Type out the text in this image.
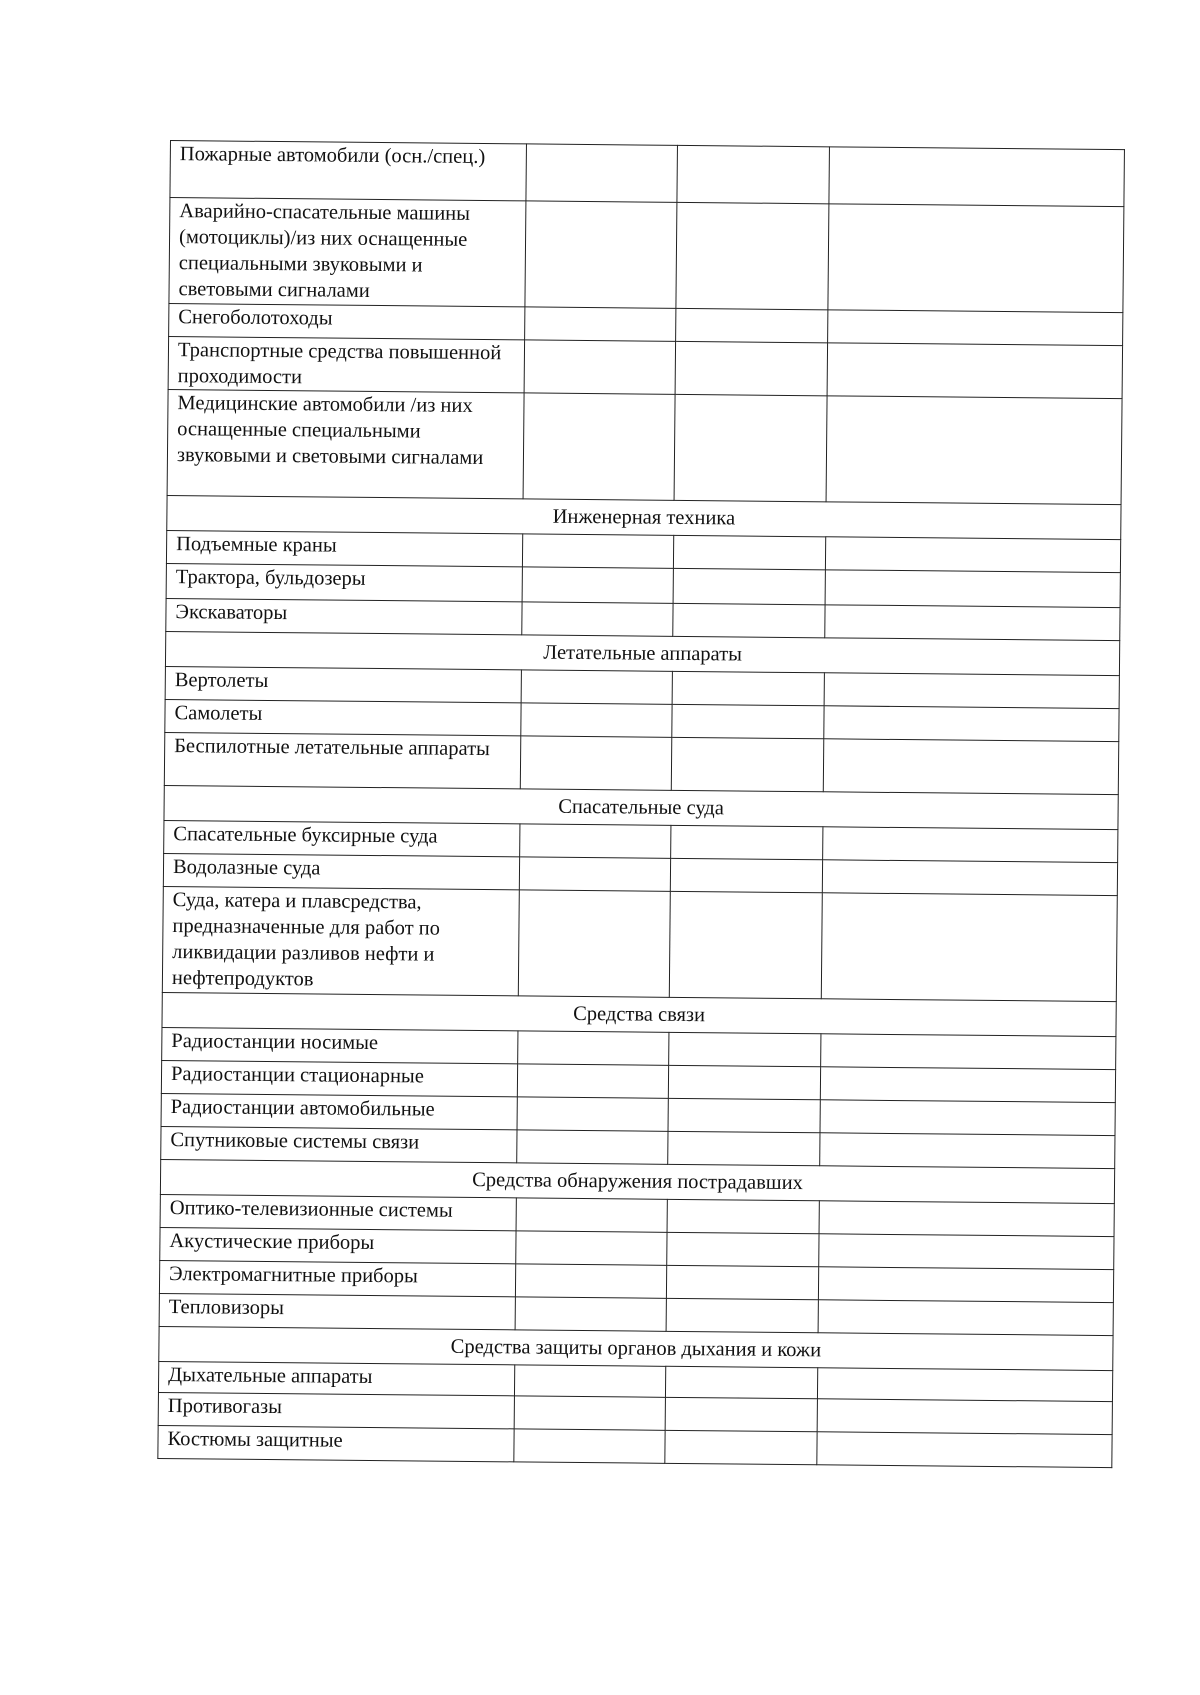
Пожарные автомобили (осн./спец.)			
Аварийно-спасательные машины (мотоциклы)/из них оснащенные специальными звуковыми и световыми сигналами			
Снегоболотоходы			
Транспортные средства повышенной проходимости			
Медицинские автомобили /из них оснащенные специальными звуковыми и световыми сигналами			
Инженерная техника			
Подъемные краны			
Трактора, бульдозеры			
Экскаваторы			
Летательные аппараты			
Вертолеты			
Самолеты			
Беспилотные летательные аппараты			
Спасательные суда			
Спасательные буксирные суда			
Водолазные суда			
Суда, катера и плавсредства, предназначенные для работ по ликвидации разливов нефти и нефтепродуктов			
Средства связи			
Радиостанции носимые			
Радиостанции стационарные			
Радиостанции автомобильные			
Спутниковые системы связи			
Средства обнаружения пострадавших			
Оптико-телевизионные системы			
Акустические приборы			
Электромагнитные приборы			
Тепловизоры			
Средства защиты органов дыхания и кожи			
Дыхательные аппараты			
Противогазы			
Костюмы защитные			
